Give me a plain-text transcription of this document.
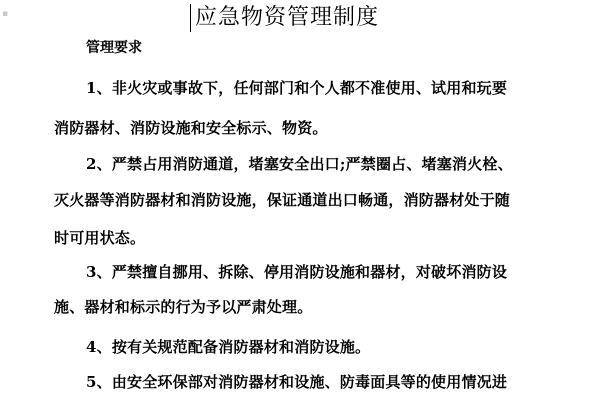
▪	应急物资管理制度

管理要求

1、非火灾或事故下，任何部门和个人都不准使用、试用和玩要

消防器材、消防设施和安全标示、物资。

2、严禁占用消防通道，堵塞安全出口;严禁圈占、堵塞消火栓、

灭火器等消防器材和消防设施，保证通道出口畅通，消防器材处于随

时可用状态。

3、严禁擅自挪用、拆除、停用消防设施和器材，对破坏消防设

施、器材和标示的行为予以严肃处理。

4、按有关规范配备消防器材和消防设施。

5、由安全环保部对消防器材和设施、防毒面具等的使用情况进
